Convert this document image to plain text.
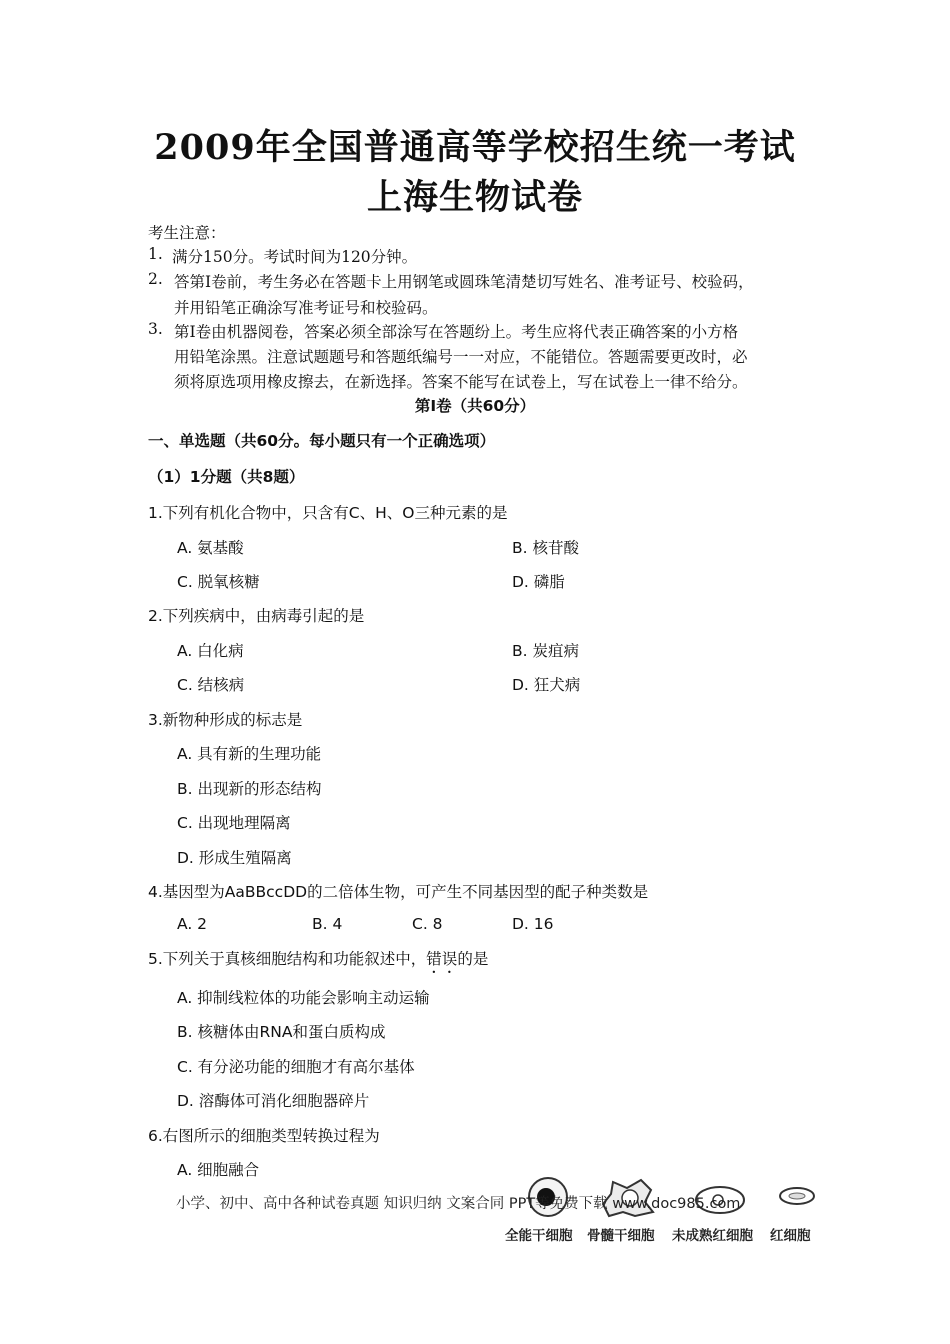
2009年全国普通高等学校招生统一考试
上海生物试卷
考生注意：
1. 满分150分。考试时间为120分钟。
2. 答第Ⅰ卷前，考生务必在答题卡上用钢笔或圆珠笔清楚切写姓名、准考证号、校验码，
并用铅笔正确涂写准考证号和校验码。
3. 第Ⅰ卷由机器阅卷，答案必须全部涂写在答题纷上。考生应将代表正确答案的小方格
用铅笔涂黑。注意试题题号和答题纸编号一一对应，不能错位。答题需要更改时，必
须将原选项用橡皮擦去，在新选择。答案不能写在试卷上，写在试卷上一律不给分。
第Ⅰ卷（共60分）
一、单选题（共60分。每小题只有一个正确选项）
（1）1分题（共8题）
1.下列有机化合物中，只含有C、H、O三种元素的是
A. 氨基酸	B. 核苷酸
C. 脱氧核糖	D. 磷脂
2.下列疾病中，由病毒引起的是
A. 白化病	B. 炭疽病
C. 结核病	D. 狂犬病
3.新物种形成的标志是
A. 具有新的生理功能
B. 出现新的形态结构
C. 出现地理隔离
D. 形成生殖隔离
4.基因型为AaBBccDD的二倍体生物，可产生不同基因型的配子种类数是
A. 2	B. 4	C. 8	D. 16
5.下列关于真核细胞结构和功能叙述中，错误的是
A. 抑制线粒体的功能会影响主动运输
B. 核糖体由RNA和蛋白质构成
C. 有分泌功能的细胞才有高尔基体
D. 溶酶体可消化细胞器碎片
6.右图所示的细胞类型转换过程为
A. 细胞融合
小学、初中、高中各种试卷真题 知识归纳 文案合同 PPT等免费下载 www.doc985.com
全能干细胞 骨髓干细胞 未成熟红细胞 红细胞
